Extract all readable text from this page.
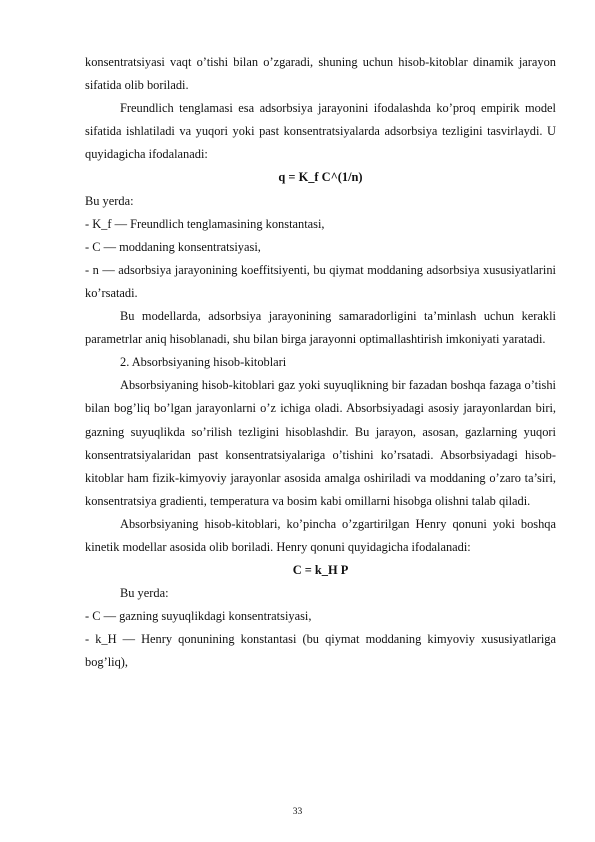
konsentratsiyasi vaqt o’tishi bilan o’zgaradi, shuning uchun hisob-kitoblar dinamik jarayon sifatida olib boriladi.

Freundlich tenglamasi esa adsorbsiya jarayonini ifodalashda ko’proq empirik model sifatida ishlatiladi va yuqori yoki past konsentratsiyalarda adsorbsiya tezligini tasvirlaydi. U quyidagicha ifodalanadi:

q = K_f C^(1/n)

Bu yerda:

- K_f — Freundlich tenglamasining konstantasi,

- C — moddaning konsentratsiyasi,

- n — adsorbsiya jarayonining koeffitsiyenti, bu qiymat moddaning adsorbsiya xususiyatlarini ko’rsatadi.

Bu modellarda, adsorbsiya jarayonining samaradorligini ta’minlash uchun kerakli parametrlar aniq hisoblanadi, shu bilan birga jarayonni optimallashtirish imkoniyati yaratadi.

2. Absorbsiyaning hisob-kitoblari

Absorbsiyaning hisob-kitoblari gaz yoki suyuqlikning bir fazadan boshqa fazaga o’tishi bilan bog’liq bo’lgan jarayonlarni o’z ichiga oladi. Absorbsiyadagi asosiy jarayonlardan biri, gazning suyuqlikda so’rilish tezligini hisoblashdir. Bu jarayon, asosan, gazlarning yuqori konsentratsiyalaridan past konsentratsiyalariga o’tishini ko’rsatadi. Absorbsiyadagi hisob-kitoblar ham fizik-kimyoviy jarayonlar asosida amalga oshiriladi va moddaning o’zaro ta’siri, konsentratsiya gradienti, temperatura va bosim kabi omillarni hisobga olishni talab qiladi.

Absorbsiyaning hisob-kitoblari, ko’pincha o’zgartirilgan Henry qonuni yoki boshqa kinetik modellar asosida olib boriladi. Henry qonuni quyidagicha ifodalanadi:

C = k_H P

Bu yerda:

- C — gazning suyuqlikdagi konsentratsiyasi,

- k_H — Henry qonunining konstantasi (bu qiymat moddaning kimyoviy xususiyatlariga bog’liq),

33
